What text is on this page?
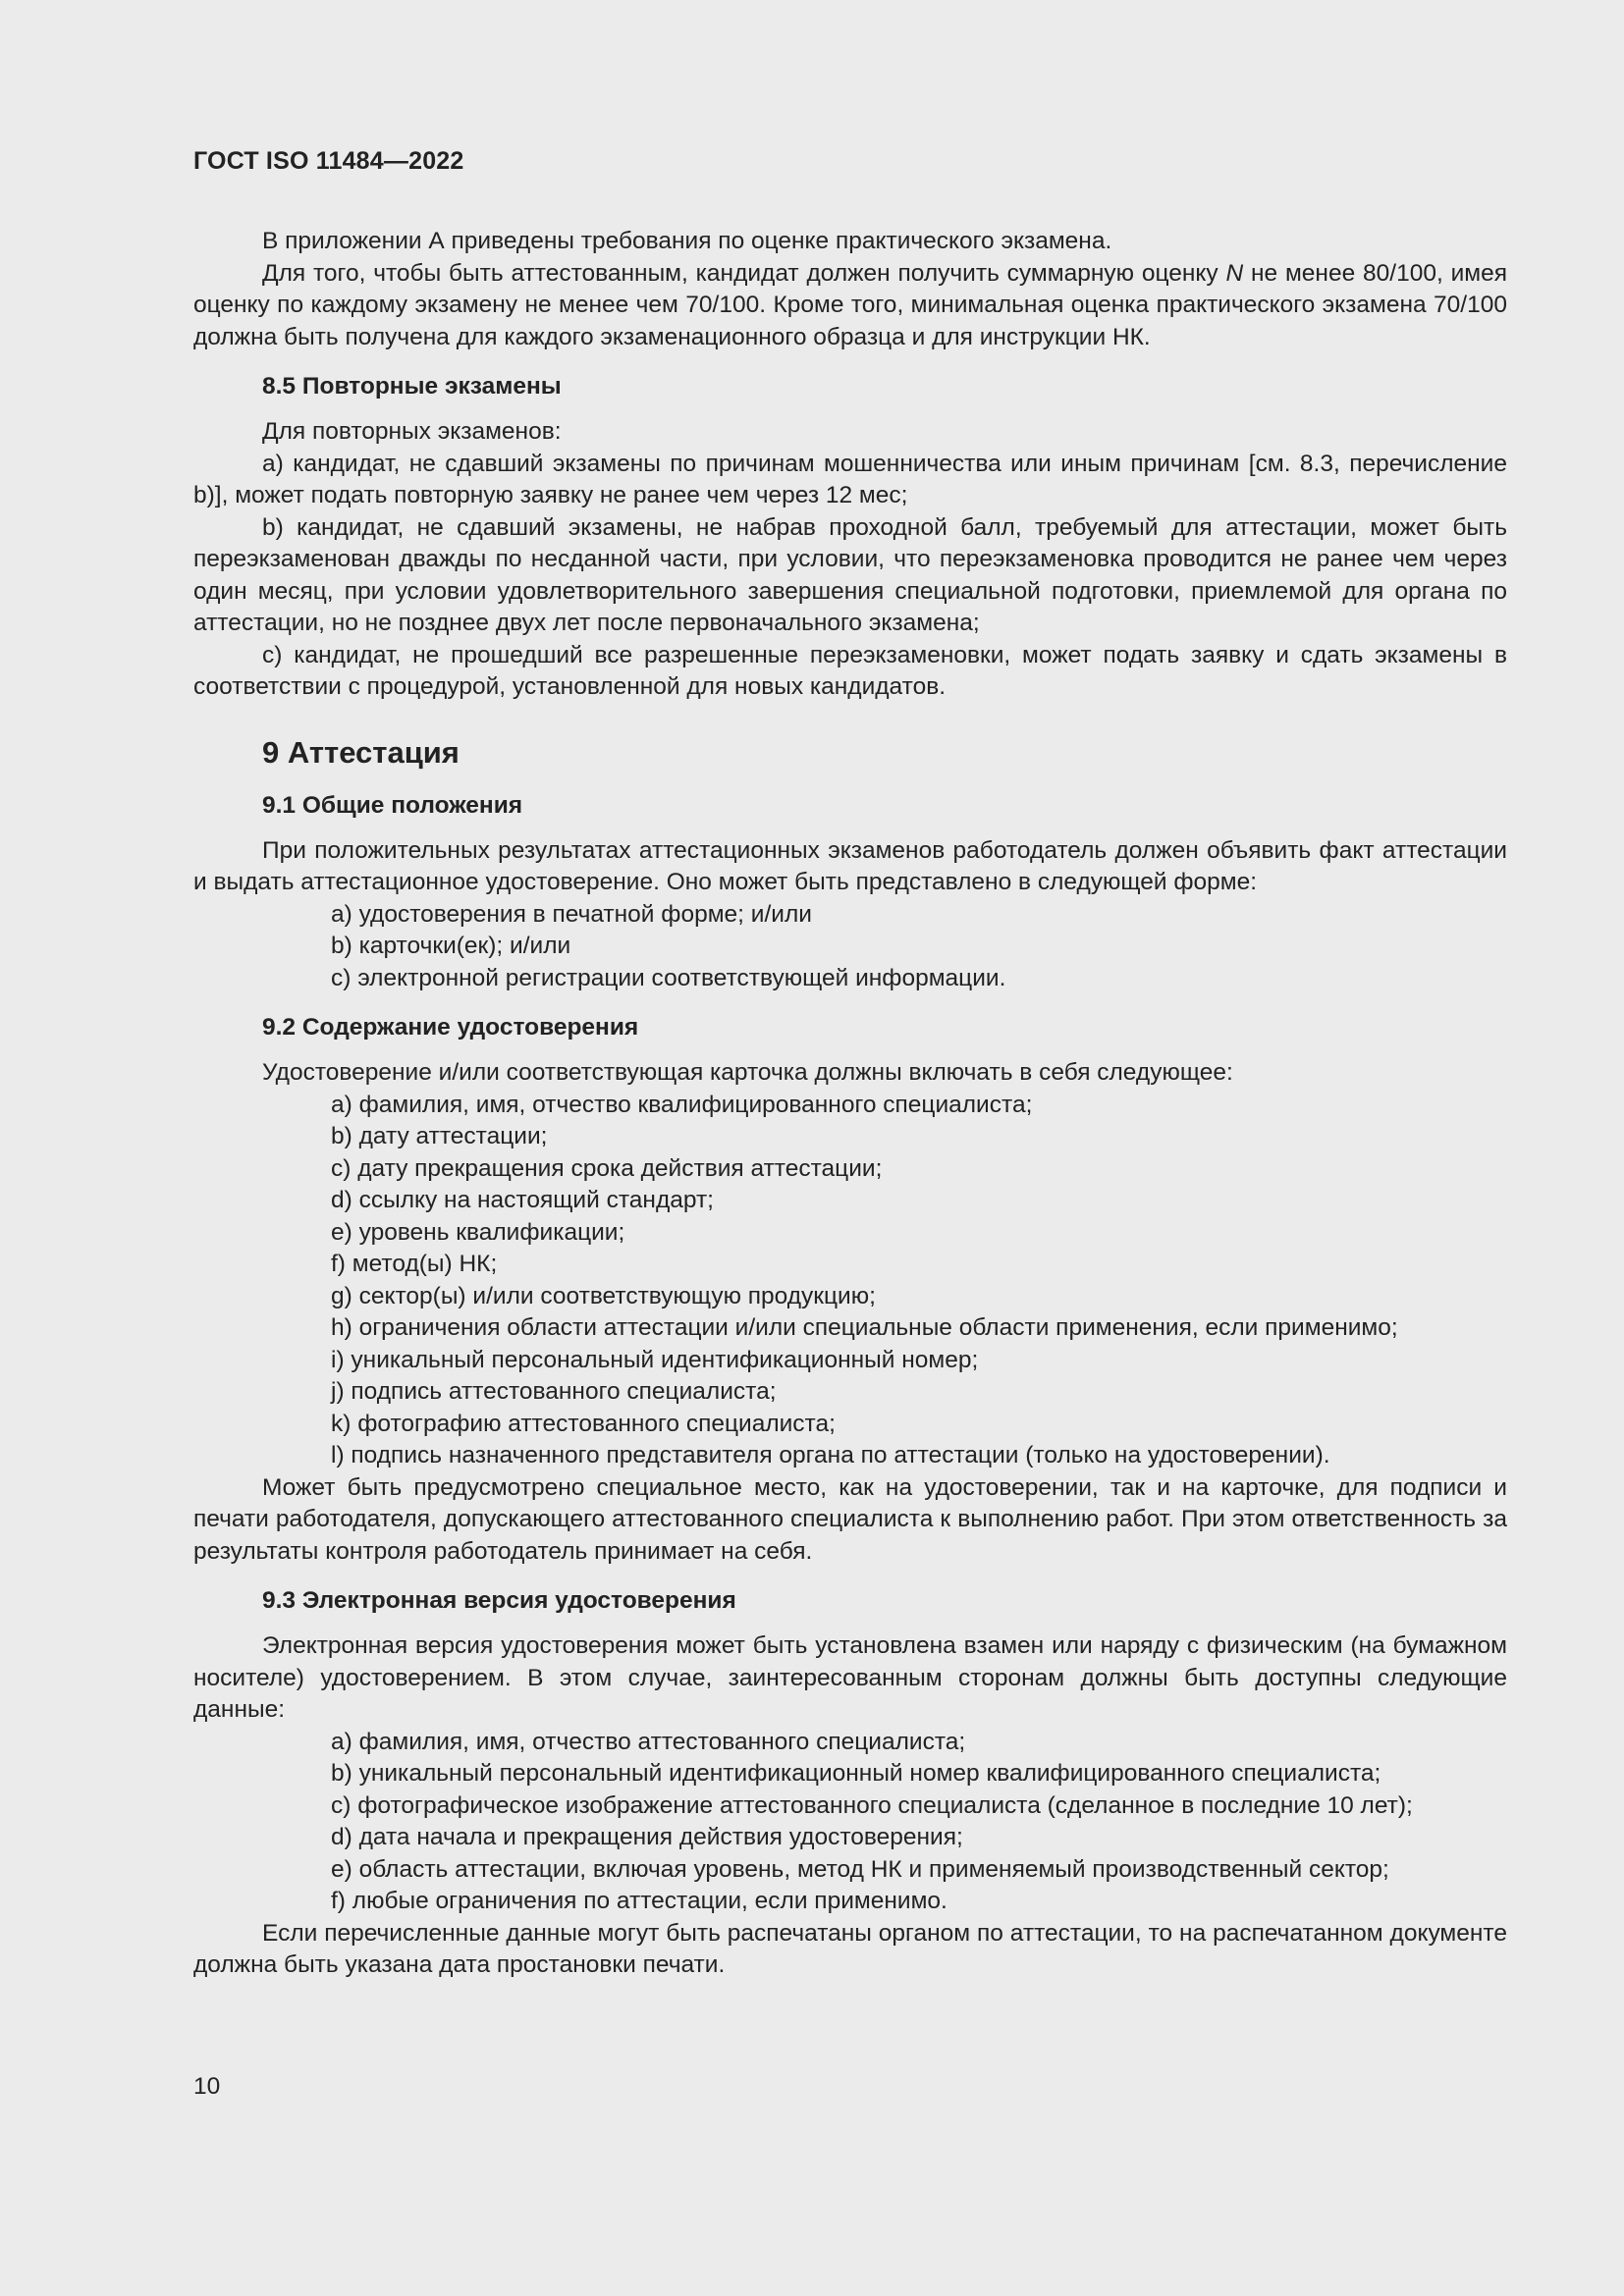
ГОСТ ISO 11484—2022

В приложении А приведены требования по оценке практического экзамена.

Для того, чтобы быть аттестованным, кандидат должен получить суммарную оценку N не менее 80/100, имея оценку по каждому экзамену не менее чем 70/100. Кроме того, минимальная оценка практического экзамена 70/100 должна быть получена для каждого экзаменационного образца и для инструкции НК.

8.5 Повторные экзамены

Для повторных экзаменов:

a) кандидат, не сдавший экзамены по причинам мошенничества или иным причинам [см. 8.3, перечисление b)], может подать повторную заявку не ранее чем через 12 мес;

b) кандидат, не сдавший экзамены, не набрав проходной балл, требуемый для аттестации, может быть переэкзаменован дважды по несданной части, при условии, что переэкзаменовка проводится не ранее чем через один месяц, при условии удовлетворительного завершения специальной подготовки, приемлемой для органа по аттестации, но не позднее двух лет после первоначального экзамена;

c) кандидат, не прошедший все разрешенные переэкзаменовки, может подать заявку и сдать экзамены в соответствии с процедурой, установленной для новых кандидатов.

9 Аттестация
9.1 Общие положения

При положительных результатах аттестационных экзаменов работодатель должен объявить факт аттестации и выдать аттестационное удостоверение. Оно может быть представлено в следующей форме:

a) удостоверения в печатной форме; и/или

b) карточки(ек); и/или

c) электронной регистрации соответствующей информации.

9.2 Содержание удостоверения

Удостоверение и/или соответствующая карточка должны включать в себя следующее:

a) фамилия, имя, отчество квалифицированного специалиста;

b) дату аттестации;

c) дату прекращения срока действия аттестации;

d) ссылку на настоящий стандарт;

e) уровень квалификации;

f) метод(ы) НК;

g) сектор(ы) и/или соответствующую продукцию;

h) ограничения области аттестации и/или специальные области применения, если применимо;

i) уникальный персональный идентификационный номер;

j) подпись аттестованного специалиста;

k) фотографию аттестованного специалиста;

l) подпись назначенного представителя органа по аттестации (только на удостоверении).

Может быть предусмотрено специальное место, как на удостоверении, так и на карточке, для подписи и печати работодателя, допускающего аттестованного специалиста к выполнению работ. При этом ответственность за результаты контроля работодатель принимает на себя.

9.3 Электронная версия удостоверения

Электронная версия удостоверения может быть установлена взамен или наряду с физическим (на бумажном носителе) удостоверением. В этом случае, заинтересованным сторонам должны быть доступны следующие данные:

a) фамилия, имя, отчество аттестованного специалиста;

b) уникальный персональный идентификационный номер квалифицированного специалиста;

c) фотографическое изображение аттестованного специалиста (сделанное в последние 10 лет);

d) дата начала и прекращения действия удостоверения;

e) область аттестации, включая уровень, метод НК и применяемый производственный сектор;

f) любые ограничения по аттестации, если применимо.

Если перечисленные данные могут быть распечатаны органом по аттестации, то на распечатанном документе должна быть указана дата простановки печати.

10
